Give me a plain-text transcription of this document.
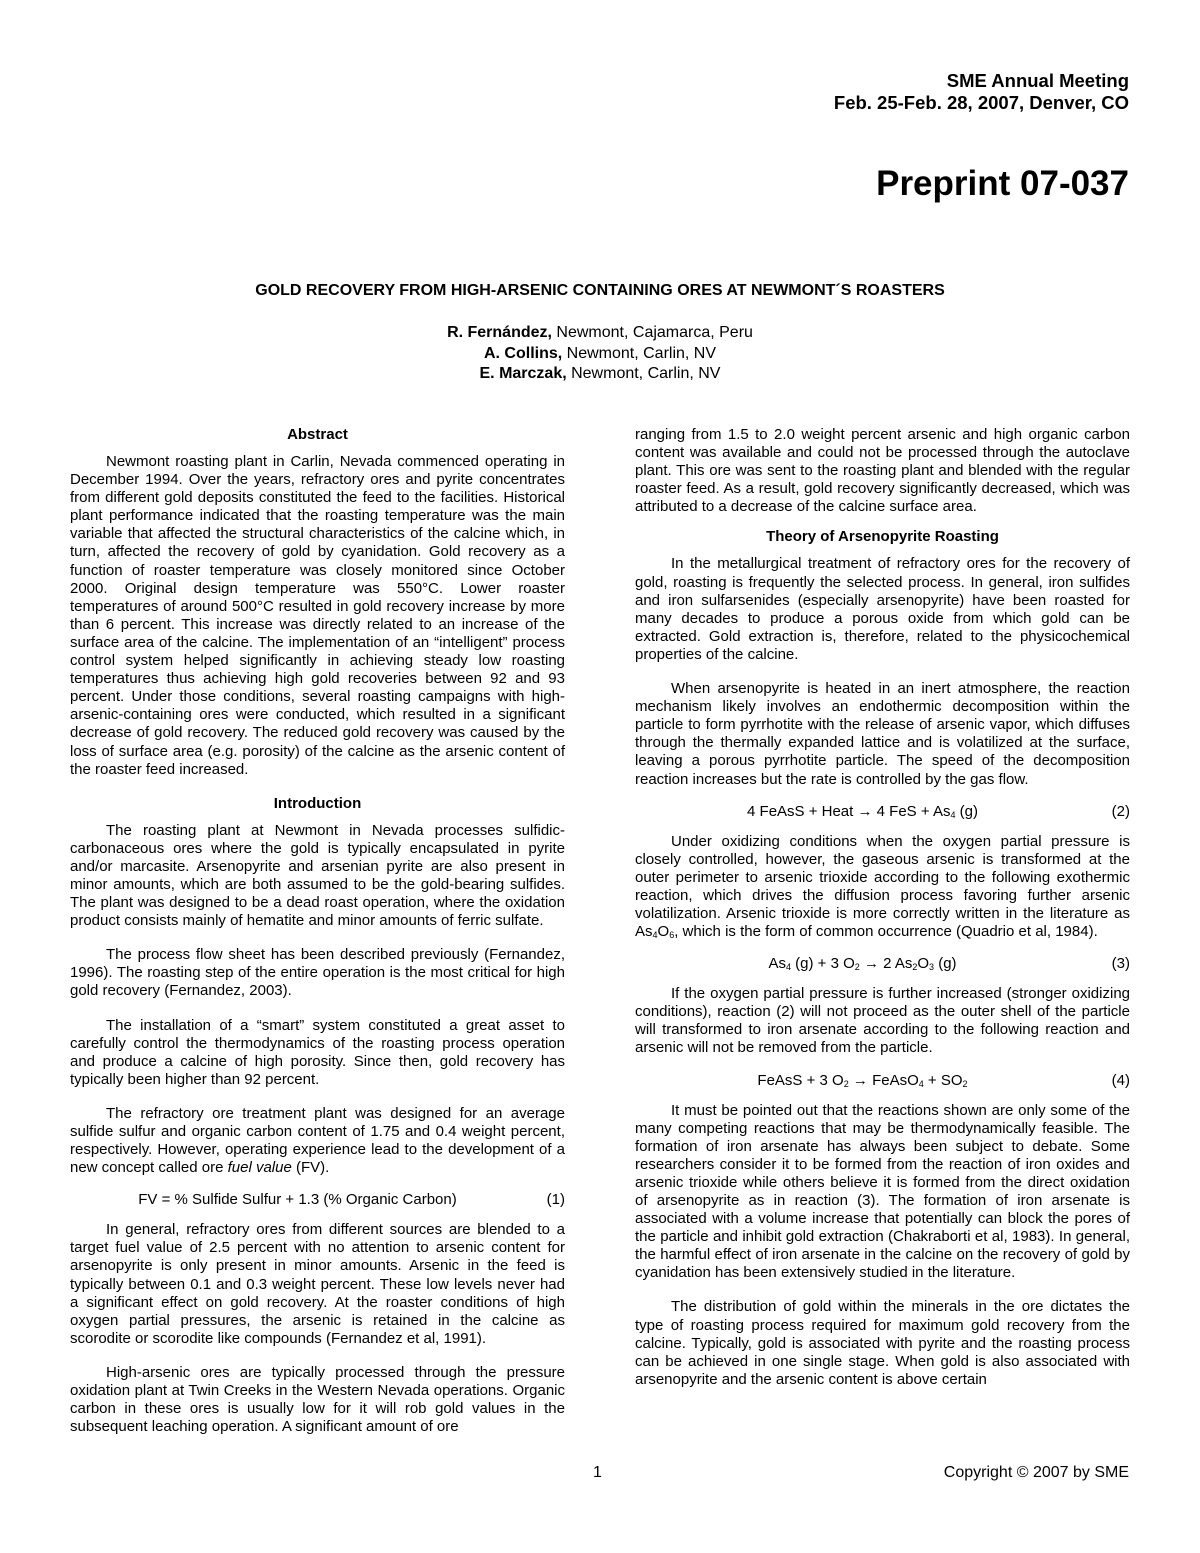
SME Annual Meeting
Feb. 25-Feb. 28, 2007, Denver, CO
Preprint 07-037
GOLD RECOVERY FROM HIGH-ARSENIC CONTAINING ORES AT NEWMONT´S ROASTERS
R. Fernández, Newmont, Cajamarca, Peru
A. Collins, Newmont, Carlin, NV
E. Marczak, Newmont, Carlin, NV
Abstract

Newmont roasting plant in Carlin, Nevada commenced operating in December 1994. Over the years, refractory ores and pyrite concentrates from different gold deposits constituted the feed to the facilities. Historical plant performance indicated that the roasting temperature was the main variable that affected the structural characteristics of the calcine which, in turn, affected the recovery of gold by cyanidation. Gold recovery as a function of roaster temperature was closely monitored since October 2000. Original design temperature was 550°C. Lower roaster temperatures of around 500°C resulted in gold recovery increase by more than 6 percent. This increase was directly related to an increase of the surface area of the calcine. The implementation of an “intelligent” process control system helped significantly in achieving steady low roasting temperatures thus achieving high gold recoveries between 92 and 93 percent. Under those conditions, several roasting campaigns with high-arsenic-containing ores were conducted, which resulted in a significant decrease of gold recovery. The reduced gold recovery was caused by the loss of surface area (e.g. porosity) of the calcine as the arsenic content of the roaster feed increased.

Introduction

The roasting plant at Newmont in Nevada processes sulfidic-carbonaceous ores where the gold is typically encapsulated in pyrite and/or marcasite. Arsenopyrite and arsenian pyrite are also present in minor amounts, which are both assumed to be the gold-bearing sulfides. The plant was designed to be a dead roast operation, where the oxidation product consists mainly of hematite and minor amounts of ferric sulfate.

The process flow sheet has been described previously (Fernandez, 1996). The roasting step of the entire operation is the most critical for high gold recovery (Fernandez, 2003).

The installation of a “smart” system constituted a great asset to carefully control the thermodynamics of the roasting process operation and produce a calcine of high porosity. Since then, gold recovery has typically been higher than 92 percent.

The refractory ore treatment plant was designed for an average sulfide sulfur and organic carbon content of 1.75 and 0.4 weight percent, respectively. However, operating experience lead to the development of a new concept called ore fuel value (FV).

FV = % Sulfide Sulfur + 1.3 (% Organic Carbon)	(1)

In general, refractory ores from different sources are blended to a target fuel value of 2.5 percent with no attention to arsenic content for arsenopyrite is only present in minor amounts. Arsenic in the feed is typically between 0.1 and 0.3 weight percent. These low levels never had a significant effect on gold recovery. At the roaster conditions of high oxygen partial pressures, the arsenic is retained in the calcine as scorodite or scorodite like compounds (Fernandez et al, 1991).

High-arsenic ores are typically processed through the pressure oxidation plant at Twin Creeks in the Western Nevada operations. Organic carbon in these ores is usually low for it will rob gold values in the subsequent leaching operation. A significant amount of ore

ranging from 1.5 to 2.0 weight percent arsenic and high organic carbon content was available and could not be processed through the autoclave plant. This ore was sent to the roasting plant and blended with the regular roaster feed. As a result, gold recovery significantly decreased, which was attributed to a decrease of the calcine surface area.

Theory of Arsenopyrite Roasting

In the metallurgical treatment of refractory ores for the recovery of gold, roasting is frequently the selected process. In general, iron sulfides and iron sulfarsenides (especially arsenopyrite) have been roasted for many decades to produce a porous oxide from which gold can be extracted. Gold extraction is, therefore, related to the physicochemical properties of the calcine.

When arsenopyrite is heated in an inert atmosphere, the reaction mechanism likely involves an endothermic decomposition within the particle to form pyrrhotite with the release of arsenic vapor, which diffuses through the thermally expanded lattice and is volatilized at the surface, leaving a porous pyrrhotite particle. The speed of the decomposition reaction increases but the rate is controlled by the gas flow.

4 FeAsS + Heat → 4 FeS + $As_4$ (g)	(2)

Under oxidizing conditions when the oxygen partial pressure is closely controlled, however, the gaseous arsenic is transformed at the outer perimeter to arsenic trioxide according to the following exothermic reaction, which drives the diffusion process favoring further arsenic volatilization. Arsenic trioxide is more correctly written in the literature as $As_4O_6$, which is the form of common occurrence (Quadrio et al, 1984).

$As_4$ (g) + 3 $O_2 \to 2$ $As_2O_3$ (g)	(3)

If the oxygen partial pressure is further increased (stronger oxidizing conditions), reaction (2) will not proceed as the outer shell of the particle will transformed to iron arsenate according to the following reaction and arsenic will not be removed from the particle.

FeAsS + 3 $O_2$ → FeAsO$_4$ + $SO_2$	(4)

It must be pointed out that the reactions shown are only some of the many competing reactions that may be thermodynamically feasible. The formation of iron arsenate has always been subject to debate. Some researchers consider it to be formed from the reaction of iron oxides and arsenic trioxide while others believe it is formed from the direct oxidation of arsenopyrite as in reaction (3). The formation of iron arsenate is associated with a volume increase that potentially can block the pores of the particle and inhibit gold extraction (Chakraborti et al, 1983). In general, the harmful effect of iron arsenate in the calcine on the recovery of gold by cyanidation has been extensively studied in the literature.

The distribution of gold within the minerals in the ore dictates the type of roasting process required for maximum gold recovery from the calcine. Typically, gold is associated with pyrite and the roasting process can be achieved in one single stage. When gold is also associated with arsenopyrite and the arsenic content is above certain

1	Copyright © 2007 by SME
